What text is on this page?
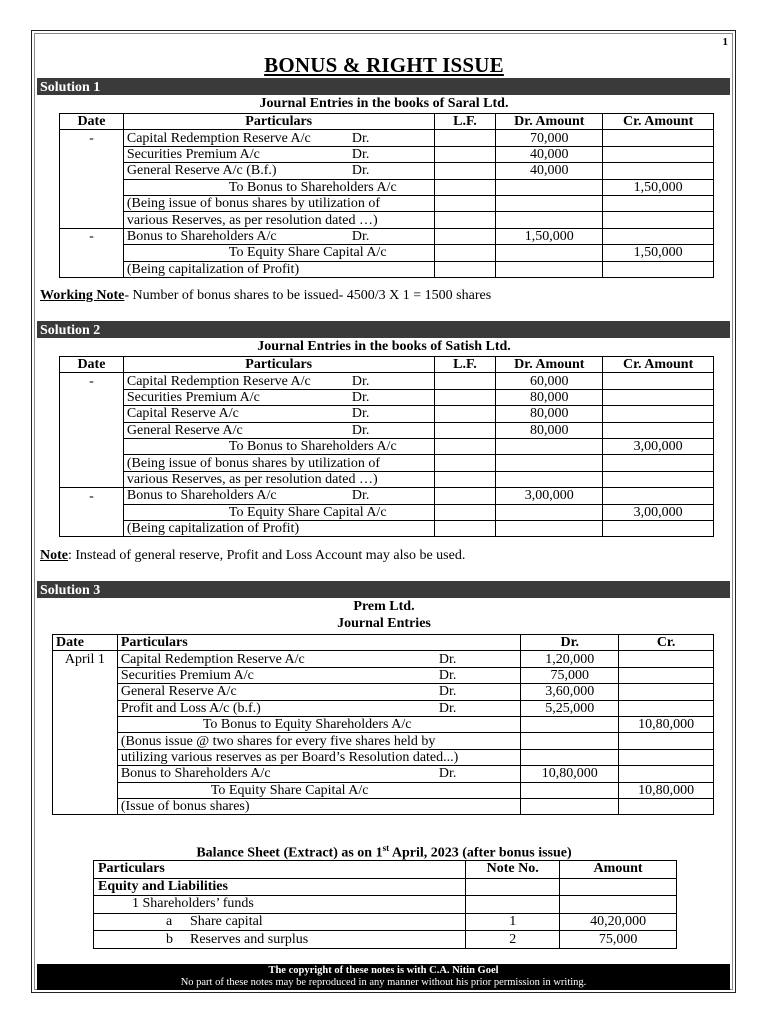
1
BONUS & RIGHT ISSUE
Solution 1
Journal Entries in the books of Saral Ltd.
Date	Particulars	L.F.	Dr. Amount	Cr. Amount
-	Capital Redemption Reserve A/c Dr.		70,000	
	Securities Premium A/c Dr.		40,000	
	General Reserve A/c (B.f.) Dr.		40,000	
	To Bonus to Shareholders A/c			1,50,000
	(Being issue of bonus shares by utilization of			
	various Reserves, as per resolution dated …)			
-	Bonus to Shareholders A/c Dr.		1,50,000	
	To Equity Share Capital A/c			1,50,000
	(Being capitalization of Profit)			
Working Note- Number of bonus shares to be issued- 4500/3 X 1 = 1500 shares
Solution 2
Journal Entries in the books of Satish Ltd.
Date	Particulars	L.F.	Dr. Amount	Cr. Amount
-	Capital Redemption Reserve A/c Dr.		60,000	
	Securities Premium A/c Dr.		80,000	
	Capital Reserve A/c Dr.		80,000	
	General Reserve A/c Dr.		80,000	
	To Bonus to Shareholders A/c			3,00,000
	(Being issue of bonus shares by utilization of			
	various Reserves, as per resolution dated …)			
-	Bonus to Shareholders A/c Dr.		3,00,000	
	To Equity Share Capital A/c			3,00,000
	(Being capitalization of Profit)			
Note: Instead of general reserve, Profit and Loss Account may also be used.
Solution 3
Prem Ltd.
Journal Entries
Date	Particulars	Dr.	Cr.
April 1	Capital Redemption Reserve A/c Dr.	1,20,000	
	Securities Premium A/c Dr.	75,000	
	General Reserve A/c Dr.	3,60,000	
	Profit and Loss A/c (b.f.) Dr.	5,25,000	
	To Bonus to Equity Shareholders A/c		10,80,000
	(Bonus issue @ two shares for every five shares held by		
	utilizing various reserves as per Board’s Resolution dated...)		
	Bonus to Shareholders A/c Dr.	10,80,000	
	To Equity Share Capital A/c		10,80,000
	(Issue of bonus shares)		
Balance Sheet (Extract) as on 1st April, 2023 (after bonus issue)
Particulars	Note No.	Amount
Equity and Liabilities		
1 Shareholders’ funds		
a Share capital	1	40,20,000
b Reserves and surplus	2	75,000
The copyright of these notes is with C.A. Nitin Goel
No part of these notes may be reproduced in any manner without his prior permission in writing.
